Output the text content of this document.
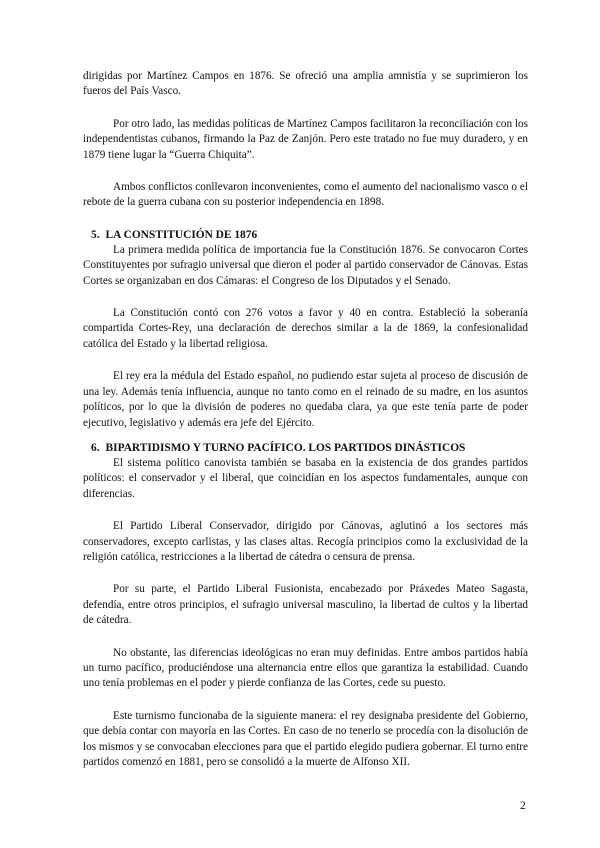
dirigidas por Martínez Campos en 1876. Se ofreció una amplia amnistía y se suprimieron los fueros del País Vasco.

Por otro lado, las medidas políticas de Martínez Campos facilitaron la reconciliación con los independentistas cubanos, firmando la Paz de Zanjón. Pero este tratado no fue muy duradero, y en 1879 tiene lugar la “Guerra Chiquita”.

Ambos conflictos conllevaron inconvenientes, como el aumento del nacionalismo vasco o el rebote de la guerra cubana con su posterior independencia en 1898.

5. LA CONSTITUCIÓN DE 1876

La primera medida política de importancia fue la Constitución 1876. Se convocaron Cortes Constituyentes por sufragio universal que dieron el poder al partido conservador de Cánovas. Estas Cortes se organizaban en dos Cámaras: el Congreso de los Diputados y el Senado.

La Constitución contó con 276 votos a favor y 40 en contra. Estableció la soberanía compartida Cortes-Rey, una declaración de derechos similar a la de 1869, la confesionalidad católica del Estado y la libertad religiosa.

El rey era la médula del Estado español, no pudiendo estar sujeta al proceso de discusión de una ley. Además tenía influencia, aunque no tanto como en el reinado de su madre, en los asuntos políticos, por lo que la división de poderes no quedaba clara, ya que este tenía parte de poder ejecutivo, legislativo y además era jefe del Ejército.

6. BIPARTIDISMO Y TURNO PACÍFICO. LOS PARTIDOS DINÁSTICOS

El sistema político canovista también se basaba en la existencia de dos grandes partidos políticos: el conservador y el liberal, que coincidían en los aspectos fundamentales, aunque con diferencias.

El Partido Liberal Conservador, dirigido por Cánovas, aglutinó a los sectores más conservadores, excepto carlistas, y las clases altas. Recogía principios como la exclusividad de la religión católica, restricciones a la libertad de cátedra o censura de prensa.

Por su parte, el Partido Liberal Fusionista, encabezado por Práxedes Mateo Sagasta, defendía, entre otros principios, el sufragio universal masculino, la libertad de cultos y la libertad de cátedra.

No obstante, las diferencias ideológicas no eran muy definidas. Entre ambos partidos había un turno pacífico, produciéndose una alternancia entre ellos que garantiza la estabilidad. Cuando uno tenía problemas en el poder y pierde confianza de las Cortes, cede su puesto.

Este turnismo funcionaba de la siguiente manera: el rey designaba presidente del Gobierno, que debía contar con mayoría en las Cortes. En caso de no tenerlo se procedía con la disolución de los mismos y se convocaban elecciones para que el partido elegido pudiera gobernar. El turno entre partidos comenzó en 1881, pero se consolidó a la muerte de Alfonso XII.

2
